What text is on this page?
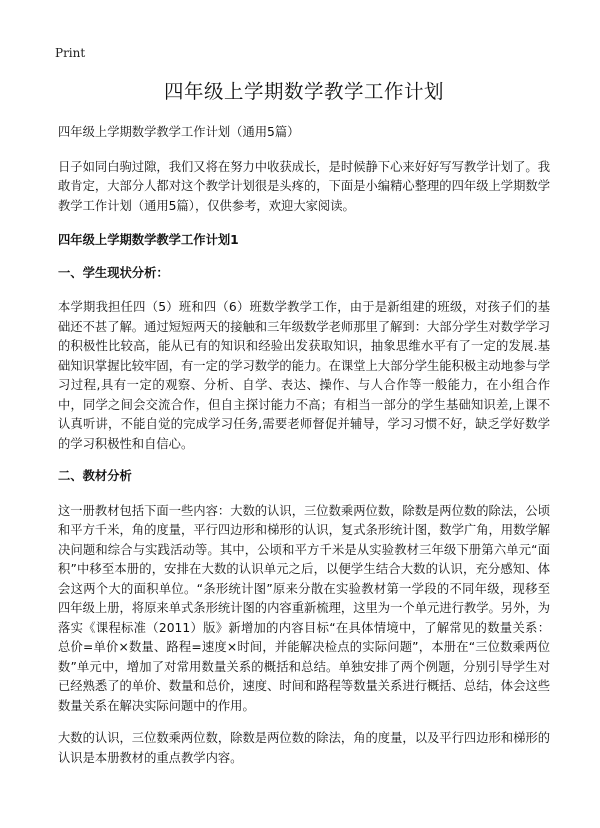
Print
四年级上学期数学教学工作计划

四年级上学期数学教学工作计划（通用5篇）

日子如同白驹过隙，我们又将在努力中收获成长，是时候静下心来好好写写教学计划了。我敢肯定，大部分人都对这个教学计划很是头疼的，下面是小编精心整理的四年级上学期数学教学工作计划（通用5篇），仅供参考，欢迎大家阅读。

四年级上学期数学教学工作计划1

一、学生现状分析：

本学期我担任四（5）班和四（6）班数学教学工作，由于是新组建的班级，对孩子们的基础还不甚了解。通过短短两天的接触和三年级数学老师那里了解到：大部分学生对数学学习的积极性比较高，能从已有的知识和经验出发获取知识，抽象思维水平有了一定的发展.基础知识掌握比较牢固，有一定的学习数学的能力。在课堂上大部分学生能积极主动地参与学习过程,具有一定的观察、分析、自学、表达、操作、与人合作等一般能力，在小组合作中，同学之间会交流合作，但自主探讨能力不高；有相当一部分的学生基础知识差,上课不认真听讲，不能自觉的完成学习任务,需要老师督促并辅导，学习习惯不好，缺乏学好数学的学习积极性和自信心。

二、教材分析

这一册教材包括下面一些内容：大数的认识，三位数乘两位数，除数是两位数的除法，公顷和平方千米，角的度量，平行四边形和梯形的认识，复式条形统计图，数学广角，用数学解决问题和综合与实践活动等。其中，公顷和平方千米是从实验教材三年级下册第六单元“面积”中移至本册的，安排在大数的认识单元之后，以便学生结合大数的认识，充分感知、体会这两个大的面积单位。“条形统计图”原来分散在实验教材第一学段的不同年级，现移至四年级上册，将原来单式条形统计图的内容重新梳理，这里为一个单元进行教学。另外，为落实《课程标准（2011）版》新增加的内容目标“在具体情境中，了解常见的数量关系：总价=单价×数量、路程=速度×时间，并能解决检点的实际问题”，本册在“三位数乘两位数”单元中，增加了对常用数量关系的概括和总结。单独安排了两个例题，分别引导学生对已经熟悉了的单价、数量和总价，速度、时间和路程等数量关系进行概括、总结，体会这些数量关系在解决实际问题中的作用。

大数的认识，三位数乘两位数，除数是两位数的除法，角的度量，以及平行四边形和梯形的认识是本册教材的重点教学内容。
